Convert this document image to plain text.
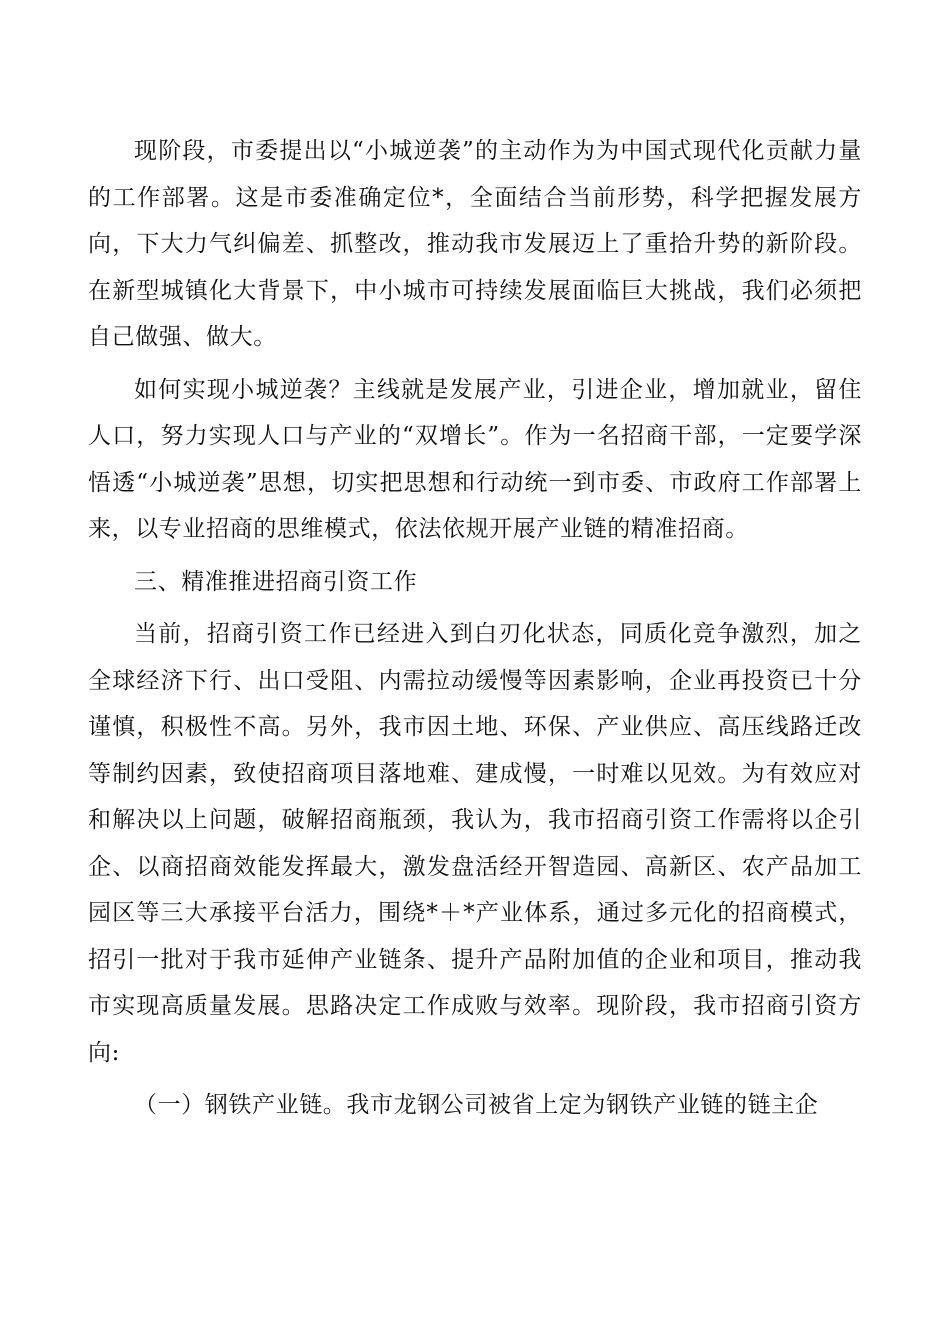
现阶段，市委提出以“小城逆袭”的主动作为为中国式现代化贡献力量的工作部署。这是市委准确定位*，全面结合当前形势，科学把握发展方向，下大力气纠偏差、抓整改，推动我市发展迈上了重拾升势的新阶段。在新型城镇化大背景下，中小城市可持续发展面临巨大挑战，我们必须把自己做强、做大。

如何实现小城逆袭？主线就是发展产业，引进企业，增加就业，留住人口，努力实现人口与产业的“双增长”。作为一名招商干部，一定要学深悟透“小城逆袭”思想，切实把思想和行动统一到市委、市政府工作部署上来，以专业招商的思维模式，依法依规开展产业链的精准招商。

三、精准推进招商引资工作

当前，招商引资工作已经进入到白刃化状态，同质化竞争激烈，加之全球经济下行、出口受阻、内需拉动缓慢等因素影响，企业再投资已十分谨慎，积极性不高。另外，我市因土地、环保、产业供应、高压线路迁改等制约因素，致使招商项目落地难、建成慢，一时难以见效。为有效应对和解决以上问题，破解招商瓶颈，我认为，我市招商引资工作需将以企引企、以商招商效能发挥最大，激发盘活经开智造园、高新区、农产品加工园区等三大承接平台活力，围绕*＋*产业体系，通过多元化的招商模式，招引一批对于我市延伸产业链条、提升产品附加值的企业和项目，推动我市实现高质量发展。思路决定工作成败与效率。现阶段，我市招商引资方向:

（一）钢铁产业链。我市龙钢公司被省上定为钢铁产业链的链主企
